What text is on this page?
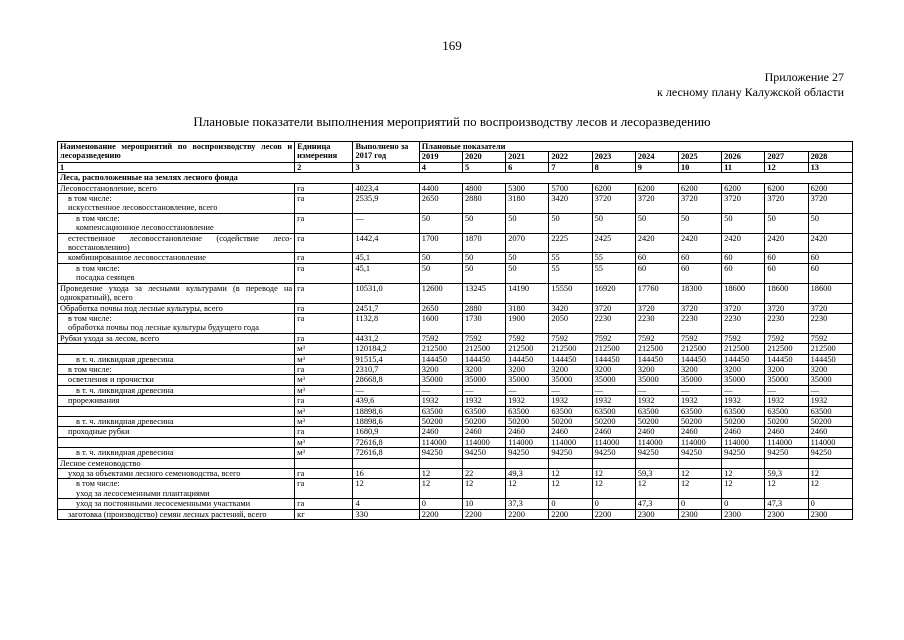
169
Приложение 27
к лесному плану Калужской области
Плановые показатели выполнения мероприятий по воспроизводству лесов и лесоразведению
Наименование мероприятий по воспроизводству лесов и лесоразведению	Единица измерения	Выполнено за 2017 год	Плановые показатели									
			2019	2020	2021	2022	2023	2024	2025	2026	2027	2028
1	2	3	4	5	6	7	8	9	10	11	12	13
Леса, расположенные на землях лесного фонда												
Лесовосстановление, всего	га	4023,4	4400	4800	5300	5700	6200	6200	6200	6200	6200	6200
в том числе:
искусственное лесовосстановление, всего	га	2535,9	2650	2880	3180	3420	3720	3720	3720	3720	3720	3720
в том числе:
компенсационное лесовосстановление	га	—	50	50	50	50	50	50	50	50	50	50
естественное лесовосстановление (содействие лесо-восстановлению)	га	1442,4	1700	1870	2070	2225	2425	2420	2420	2420	2420	2420
комбинированное лесовосстановление	га	45,1	50	50	50	55	55	60	60	60	60	60
в том числе:
посадка сеянцев	га	45,1	50	50	50	55	55	60	60	60	60	60
Проведение ухода за лесными культурами (в переводе на однократный), всего	га	10531,0	12600	13245	14190	15550	16920	17760	18300	18600	18600	18600
Обработка почвы под лесные культуры, всего	га	2451,7	2650	2880	3180	3420	3720	3720	3720	3720	3720	3720
в том числе:
обработка почвы под лесные культуры будущего года	га	1132,8	1600	1730	1900	2050	2230	2230	2230	2230	2230	2230
Рубки ухода за лесом, всего	га	4431,2	7592	7592	7592	7592	7592	7592	7592	7592	7592	7592
	м³	120184,2	212500	212500	212500	212500	212500	212500	212500	212500	212500	212500
в т. ч. ликвидная древесина	м³	91515,4	144450	144450	144450	144450	144450	144450	144450	144450	144450	144450
в том числе:	га	2310,7	3200	3200	3200	3200	3200	3200	3200	3200	3200	3200
осветления и прочистки	м³	28668,8	35000	35000	35000	35000	35000	35000	35000	35000	35000	35000
в т. ч. ликвидная древесина	м³	—	—	—	—	—	—	—	—	—	—	—
прореживания	га	439,6	1932	1932	1932	1932	1932	1932	1932	1932	1932	1932
	м³	18898,6	63500	63500	63500	63500	63500	63500	63500	63500	63500	63500
в т. ч. ликвидная древесина	м³	18898,6	50200	50200	50200	50200	50200	50200	50200	50200	50200	50200
проходные рубки	га	1680,9	2460	2460	2460	2460	2460	2460	2460	2460	2460	2460
	м³	72616,8	114000	114000	114000	114000	114000	114000	114000	114000	114000	114000
в т. ч. ликвидная древесина	м³	72616,8	94250	94250	94250	94250	94250	94250	94250	94250	94250	94250
Лесное семеноводство												
уход за объектами лесного семеноводства, всего	га	16	12	22	49,3	12	12	59,3	12	12	59,3	12
в том числе:
уход за лесосеменными плантациями	га	12	12	12	12	12	12	12	12	12	12	12
уход за постоянными лесосеменными участками	га	4	0	10	37,3	0	0	47,3	0	0	47,3	0
заготовка (производство) семян лесных растений, всего	кг	330	2200	2200	2200	2200	2200	2300	2300	2300	2300	2300
